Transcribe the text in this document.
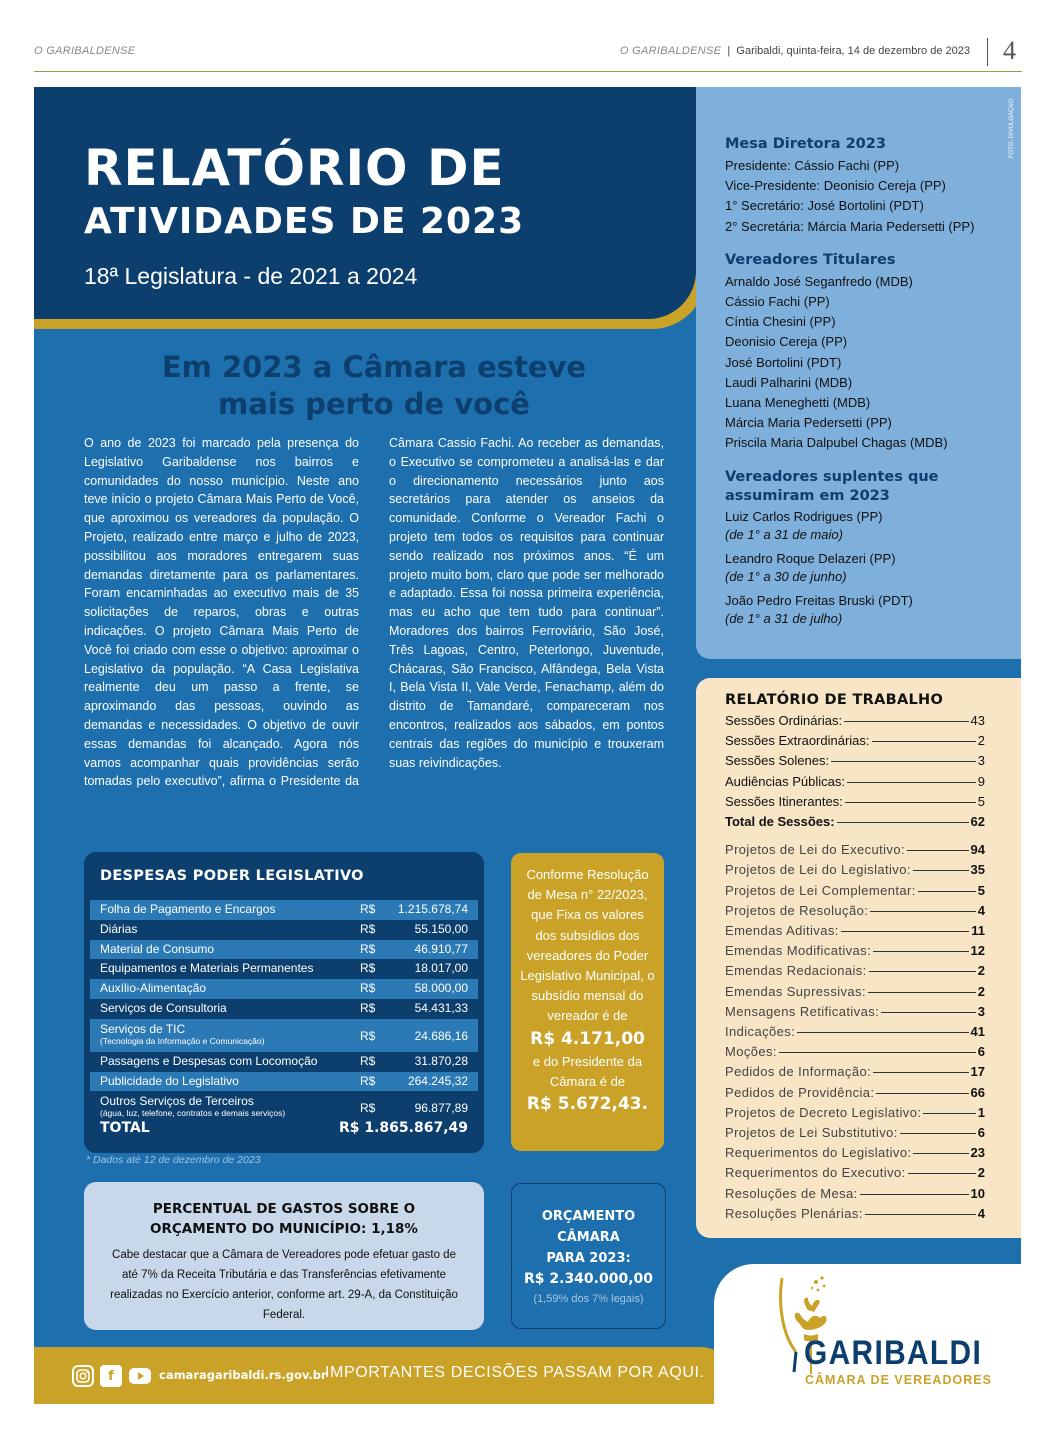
O GARIBALDENSE	O GARIBALDENSE  |  Garibaldi, quinta-feira, 14 de dezembro de 2023 4
RELATÓRIO DE
ATIVIDADES DE 2023
18ª Legislatura - de 2021 a 2024
Em 2023 a Câmara esteve
mais perto de você
O ano de 2023 foi marcado pela presença do Legislativo Garibaldense nos bairros e comunidades do nosso município. Neste ano teve início o projeto Câmara Mais Perto de Você, que aproximou os vereadores da população. O Projeto, realizado entre março e julho de 2023, possibilitou aos moradores entregarem suas demandas diretamente para os parlamentares. Foram encaminhadas ao executivo mais de 35 solicitações de reparos, obras e outras indicações. O projeto Câmara Mais Perto de Você foi criado com esse o objetivo: aproximar o Legislativo da população. “A Casa Legislativa realmente deu um passo a frente, se aproximando das pessoas, ouvindo as demandas e necessidades. O objetivo de ouvir essas demandas foi alcançado. Agora nós vamos acompanhar quais providências serão tomadas pelo executivo”, afirma o Presidente da Câmara Cassio Fachi. Ao receber as demandas, o Executivo se comprometeu a analisá-las e dar o direcionamento necessários junto aos secretários para atender os anseios da comunidade. Conforme o Vereador Fachi o projeto tem todos os requisitos para continuar sendo realizado nos próximos anos. “É um projeto muito bom, claro que pode ser melhorado e adaptado. Essa foi nossa primeira experiência, mas eu acho que tem tudo para continuar”. Moradores dos bairros Ferroviário, São José, Três Lagoas, Centro, Peterlongo, Juventude, Chácaras, São Francisco, Alfândega, Bela Vista I, Bela Vista II, Vale Verde, Fenachamp, além do distrito de Tamandaré, compareceram nos encontros, realizados aos sábados, em pontos centrais das regiões do município e trouxeram suas reivindicações.
FOTO: DIVULGAÇÃO
Mesa Diretora 2023
Presidente: Cássio Fachi (PP)
Vice-Presidente: Deonisio Cereja (PP)
1° Secretário: José Bortolini (PDT)
2° Secretária: Márcia Maria Pedersetti (PP)
Vereadores Titulares
Arnaldo José Seganfredo (MDB)
Cássio Fachi (PP)
Cíntia Chesini (PP)
Deonisio Cereja (PP)
José Bortolini (PDT)
Laudi Palharini (MDB)
Luana Meneghetti (MDB)
Márcia Maria Pedersetti (PP)
Priscila Maria Dalpubel Chagas (MDB)
Vereadores suplentes que
assumiram em 2023
Luiz Carlos Rodrigues (PP)
(de 1° a 31 de maio)
Leandro Roque Delazeri (PP)
(de 1° a 30 de junho)
João Pedro Freitas Bruski (PDT)
(de 1° a 31 de julho)
RELATÓRIO DE TRABALHO
Sessões Ordinárias:	43
Sessões Extraordinárias:	2
Sessões Solenes:	3
Audiências Públicas:	9
Sessões Itinerantes:	5
Total de Sessões:	62
Projetos de Lei do Executivo:	94
Projetos de Lei do Legislativo:	35
Projetos de Lei Complementar:	5
Projetos de Resolução:	4
Emendas Aditivas:	11
Emendas Modificativas:	12
Emendas Redacionais:	2
Emendas Supressivas:	2
Mensagens Retificativas:	3
Indicações:	41
Moções:	6
Pedidos de Informação:	17
Pedidos de Providência:	66
Projetos de Decreto Legislativo:	1
Projetos de Lei Substitutivo:	6
Requerimentos do Legislativo:	23
Requerimentos do Executivo:	2
Resoluções de Mesa:	10
Resoluções Plenárias:	4
DESPESAS PODER LEGISLATIVO
Folha de Pagamento e Encargos	R$ 1.215.678,74
Diárias	R$	55.150,00
Material de Consumo	R$	46.910,77
Equipamentos e Materiais Permanentes	R$	18.017,00
Auxílio-Alimentação	R$	58.000,00
Serviços de Consultoria	R$	54.431,33
Serviços de TIC
(Tecnologia da Informação e Comunicação)	R$	24.686,16
Passagens e Despesas com Locomoção	R$	31.870,28
Publicidade do Legislativo	R$	264.245,32
Outros Serviços de Terceiros
(água, luz, telefone, contratos e demais serviços)	R$	96.877,89
TOTAL	R$ 1.865.867,49
* Dados até 12 de dezembro de 2023
Conforme Resolução de Mesa n° 22/2023, que Fixa os valores dos subsídios dos vereadores do Poder Legislativo Municipal, o subsídio mensal do vereador é de
R$ 4.171,00
e do Presidente da Câmara é de
R$ 5.672,43.
PERCENTUAL DE GASTOS SOBRE O
ORÇAMENTO DO MUNICÍPIO: 1,18%

Cabe destacar que a Câmara de Vereadores pode efetuar gasto de até 7% da Receita Tributária e das Transferências efetivamente realizadas no Exercício anterior, conforme art. 29-A, da Constituição Federal.

ORÇAMENTO
CÂMARA
PARA 2023:
R$ 2.340.000,00
(1,59% dos 7% legais)
f	camaragaribaldi.rs.gov.br
IMPORTANTES DECISÕES PASSAM POR AQUI.
GARIBALDI
CÂMARA DE VEREADORES
